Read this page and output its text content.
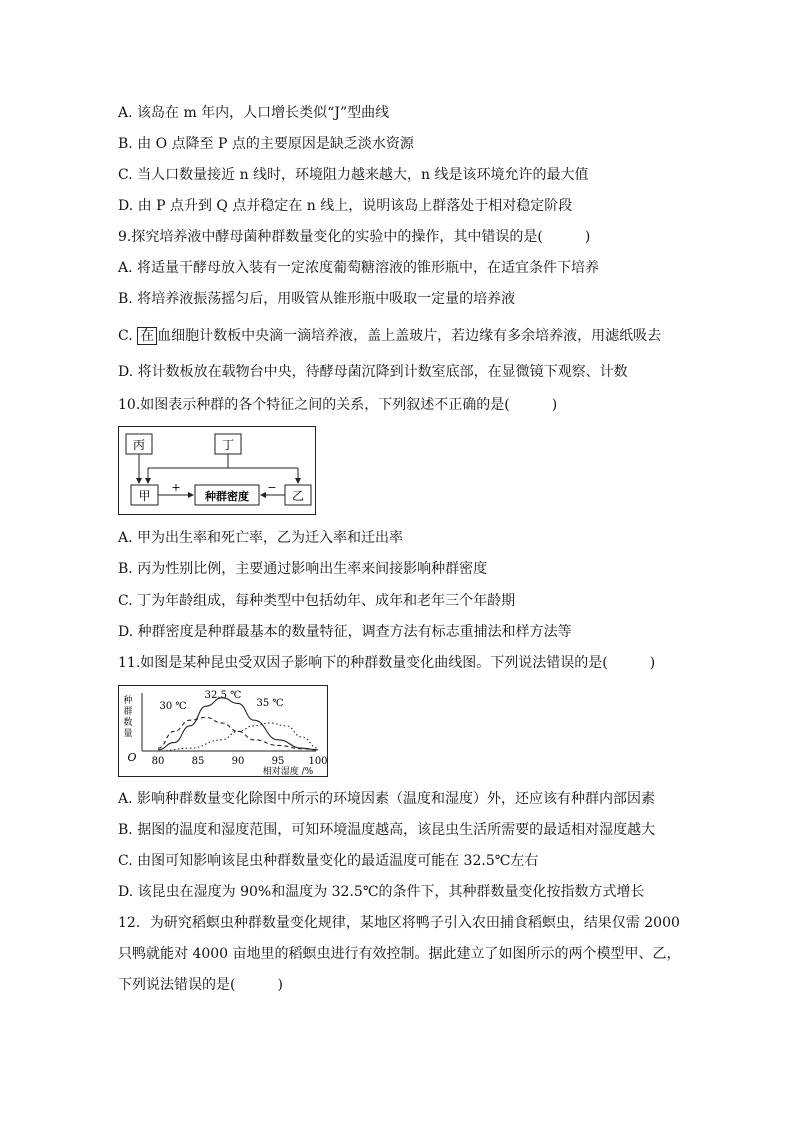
A. 该岛在 m 年内，人口增长类似“J”型曲线
B. 由 O 点降至 P 点的主要原因是缺乏淡水资源
C. 当人口数量接近 n 线时，环境阻力越来越大，n 线是该环境允许的最大值
D. 由 P 点升到 Q 点并稳定在 n 线上，说明该岛上群落处于相对稳定阶段
9.探究培养液中酵母菌种群数量变化的实验中的操作，其中错误的是(　　　)
A. 将适量干酵母放入装有一定浓度葡萄糖溶液的锥形瓶中，在适宜条件下培养
B. 将培养液振荡摇匀后，用吸管从锥形瓶中吸取一定量的培养液
C. 在 血细胞计数板中央滴一滴培养液，盖上盖玻片，若边缘有多余培养液，用滤纸吸去
D. 将计数板放在载物台中央，待酵母菌沉降到计数室底部，在显微镜下观察、计数
10.如图表示种群的各个特征之间的关系，下列叙述不正确的是(　　　)
丙	丁
甲	种群密度	乙
+	−
A. 甲为出生率和死亡率，乙为迁入率和迁出率
B. 丙为性别比例，主要通过影响出生率来间接影响种群密度
C. 丁为年龄组成，每种类型中包括幼年、成年和老年三个年龄期
D. 种群密度是种群最基本的数量特征，调查方法有标志重捕法和样方法等
11.如图是某种昆虫受双因子影响下的种群数量变化曲线图。下列说法错误的是(　　　)
O
种
群
数
量
80	85	90	95 100
相对湿度 /%
30 ℃
32.5 ℃
35 ℃
A. 影响种群数量变化除图中所示的环境因素（温度和湿度）外，还应该有种群内部因素
B. 据图的温度和湿度范围，可知环境温度越高，该昆虫生活所需要的最适相对湿度越大
C. 由图可知影响该昆虫种群数量变化的最适温度可能在 32.5℃左右
D. 该昆虫在湿度为 90%和温度为 32.5℃的条件下，其种群数量变化按指数方式增长
12．为研究稻螟虫种群数量变化规律，某地区将鸭子引入农田捕食稻螟虫，结果仅需 2000
只鸭就能对 4000 亩地里的稻螟虫进行有效控制。据此建立了如图所示的两个模型甲、乙，
下列说法错误的是(　　　)
